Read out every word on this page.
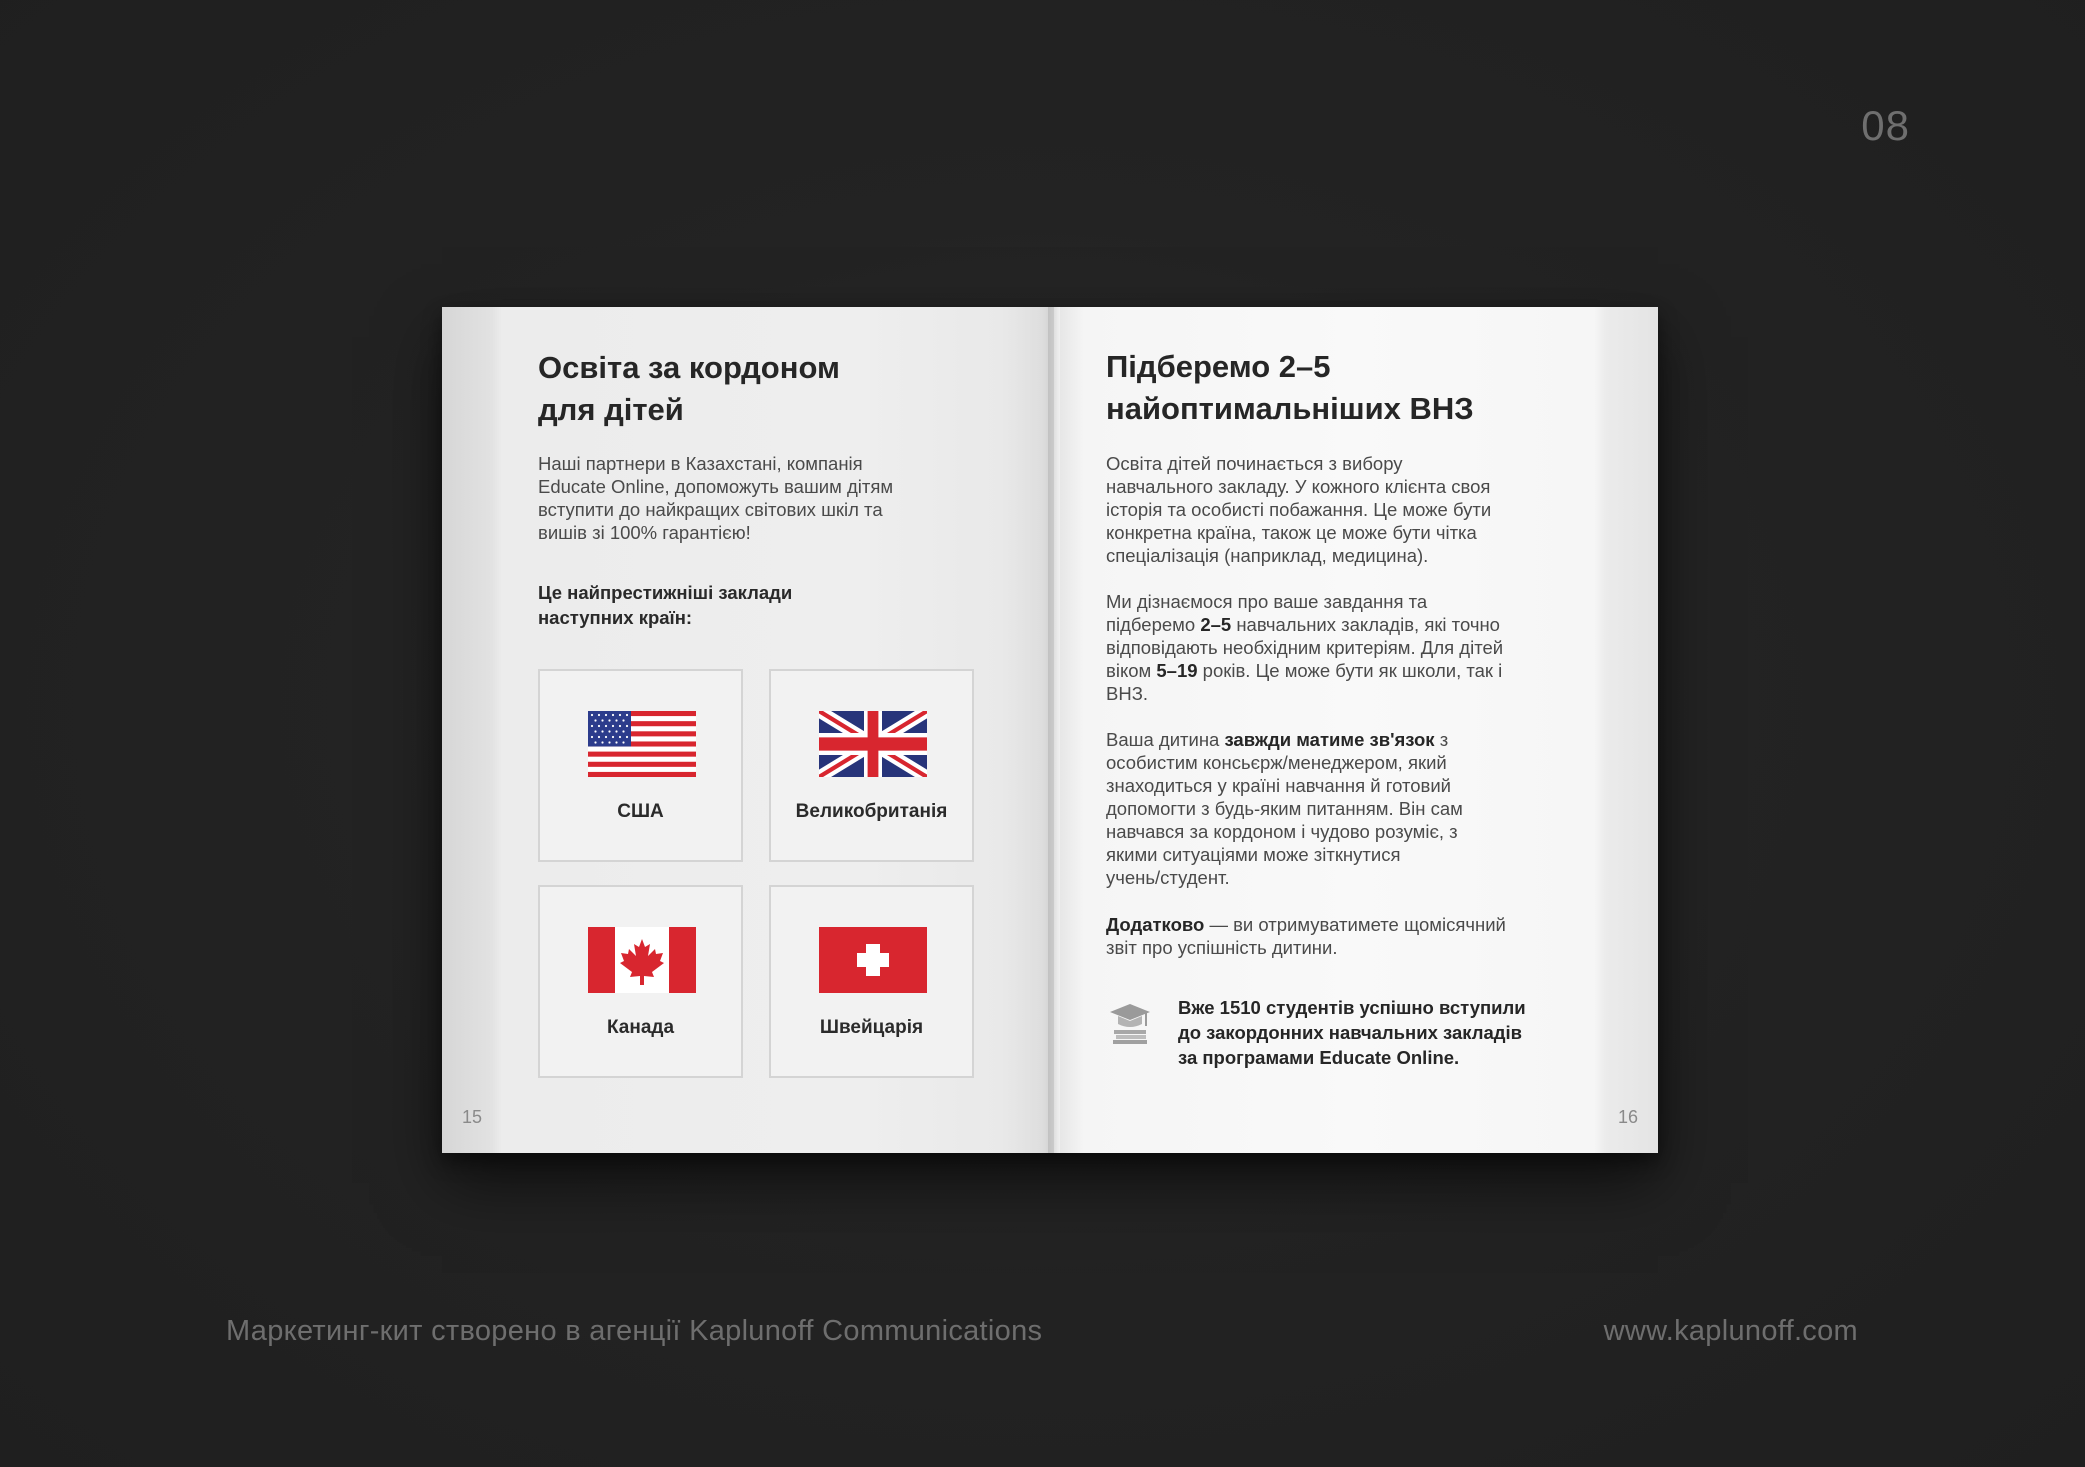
08
Освіта за кордоном
для дітей
Наші партнери в Казахстані, компанія
Educate Online, допоможуть вашим дітям
вступити до найкращих світових шкіл та
вишів зі 100% гарантією!
Це найпрестижніші заклади
наступних країн:
США	Великобританія
Канада	Швейцарія
15
Підберемо 2–5
найоптимальніших ВНЗ
Освіта дітей починається з вибору
навчального закладу. У кожного клієнта своя
історія та особисті побажання. Це може бути
конкретна країна, також це може бути чітка
спеціалізація (наприклад, медицина).
Ми дізнаємося про ваше завдання та
підберемо 2–5 навчальних закладів, які точно
відповідають необхідним критеріям. Для дітей
віком 5–19 років. Це може бути як школи, так і
ВНЗ.
Ваша дитина завжди матиме зв'язок з
особистим консьєрж/менеджером, який
знаходиться у країні навчання й готовий
допомогти з будь-яким питанням. Він сам
навчався за кордоном і чудово розуміє, з
якими ситуаціями може зіткнутися
учень/студент.
Додатково — ви отримуватимете щомісячний
звіт про успішність дитини.
Вже 1510 студентів успішно вступили
до закордонних навчальних закладів
за програмами Educate Online.
16
Маркетинг-кит створено в агенції Kaplunoff Communications	www.kaplunoff.com
